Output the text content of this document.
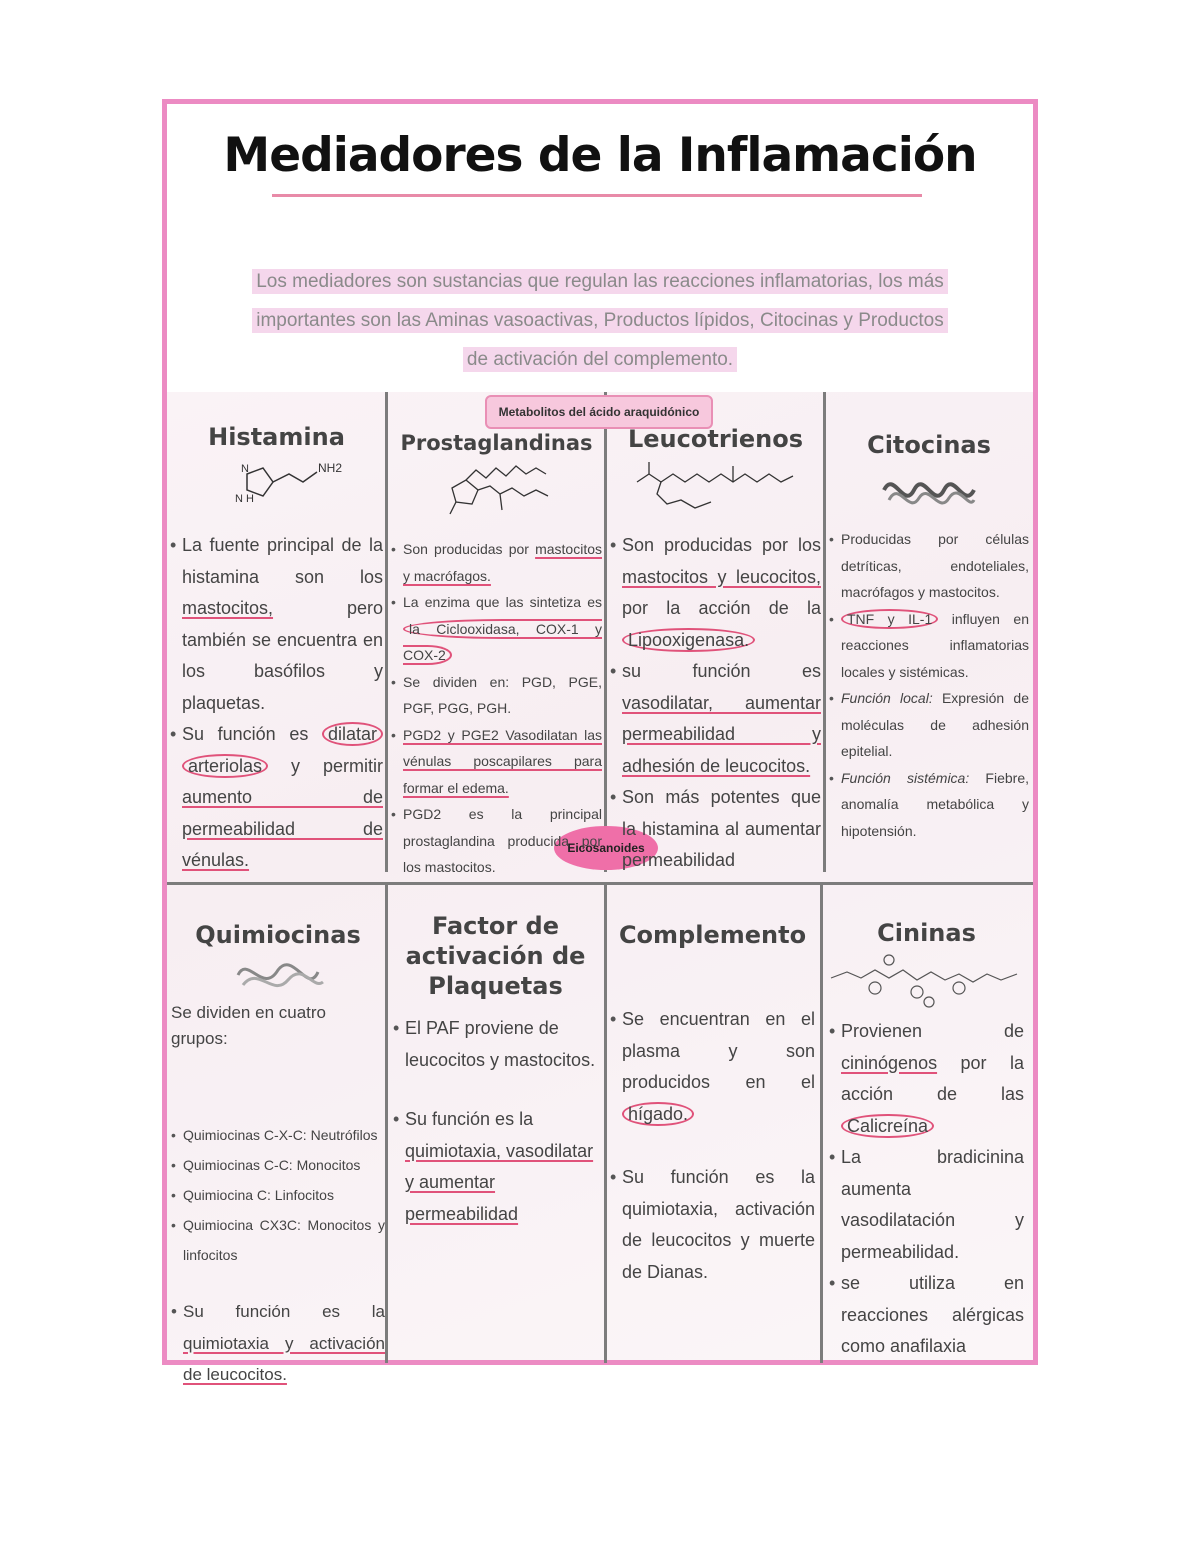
Mediadores de la Inflamación
Los mediadores son sustancias que regulan las reacciones inflamatorias, los más importantes son las Aminas vasoactivas, Productos lípidos, Citocinas y Productos de activación del complemento.
Metabolitos del ácido araquidónico
Eicosanoides
Histamina
NH2
N
N H
• La fuente principal de la histamina son los mastocitos, pero también se encuentra en los basófilos y plaquetas.
• Su función es dilatar arteriolas y permitir aumento de permeabilidad de vénulas.
Prostaglandinas
• Son producidas por mastocitos y macrófagos.
• La enzima que las sintetiza es la Ciclooxidasa, COX-1 y COX-2
• Se dividen en: PGD, PGE, PGF, PGG, PGH.
• PGD2 y PGE2 Vasodilatan las vénulas poscapilares para formar el edema.
• PGD2 es la principal prostaglandina producida por los mastocitos.
Leucotrienos
• Son producidas por los mastocitos y leucocitos, por la acción de la Lipooxigenasa.
• su función es vasodilatar, aumentar permeabilidad y adhesión de leucocitos.
• Son más potentes que la histamina al aumentar permeabilidad
Citocinas
• Producidas por células detríticas, endoteliales, macrófagos y mastocitos.
• TNF y IL-1 influyen en reacciones inflamatorias locales y sistémicas.
• Función local: Expresión de moléculas de adhesión epitelial.
• Función sistémica: Fiebre, anomalía metabólica y hipotensión.
Quimiocinas

Se dividen en cuatro grupos:

• Quimiocinas C-X-C: Neutrófilos
• Quimiocinas C-C: Monocitos
• Quimiocina C: Linfocitos
• Quimiocina CX3C: Monocitos y linfocitos
• Su función es la quimiotaxia y activación de leucocitos.
Factor de activación de Plaquetas
• El PAF proviene de leucocitos y mastocitos.
• Su función es la quimiotaxia, vasodilatar y aumentar permeabilidad
Complemento
• Se encuentran en el plasma y son producidos en el hígado.
• Su función es la quimiotaxia, activación de leucocitos y muerte de Dianas.
Cininas
• Provienen de cininógenos por la acción de las Calicreína
• La bradicinina aumenta vasodilatación y permeabilidad.
• se utiliza en reacciones alérgicas como anafilaxia
